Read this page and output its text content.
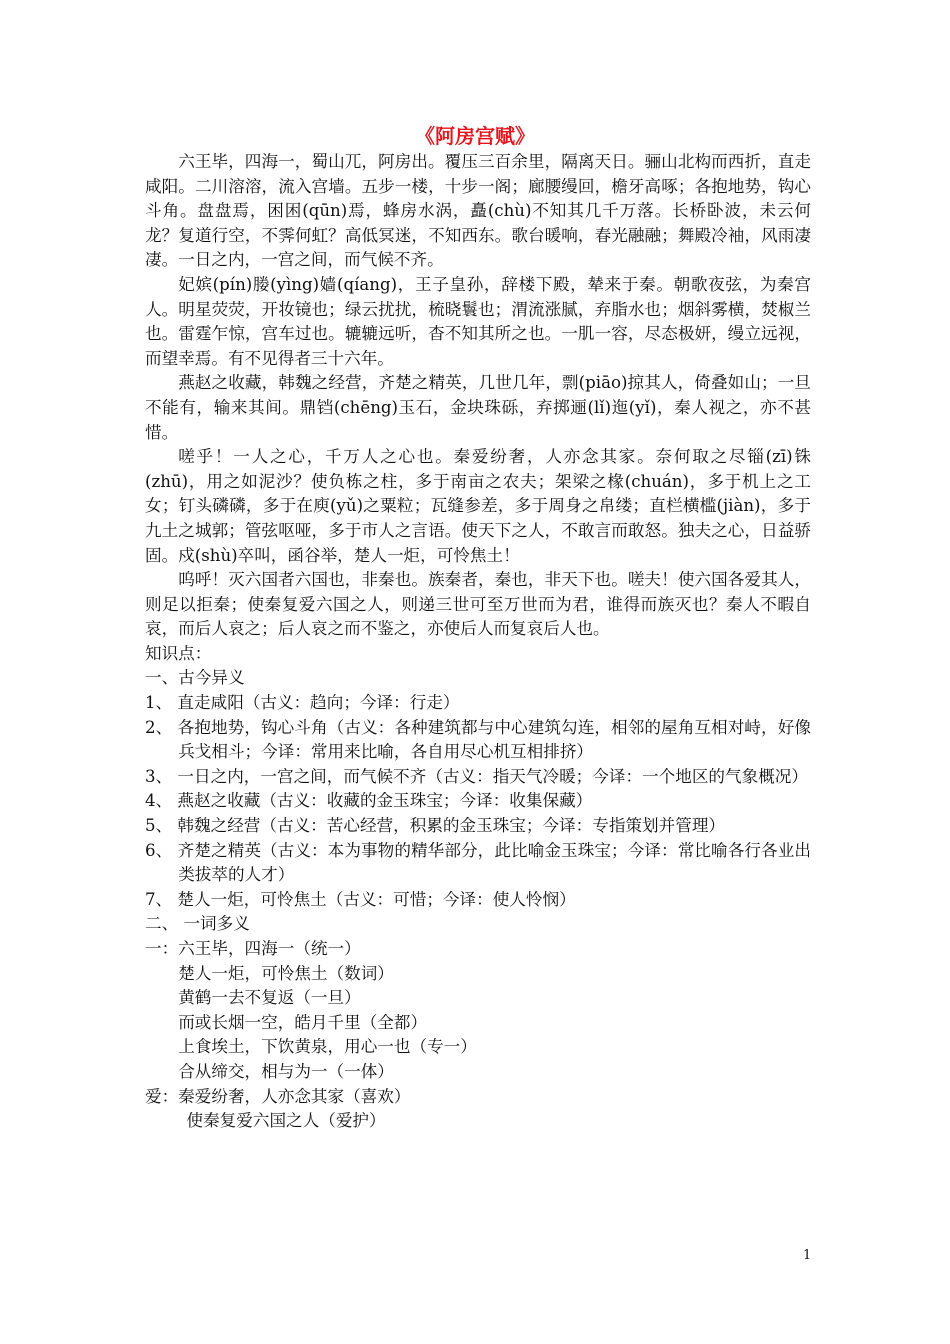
《阿房宫赋》

六王毕，四海一，蜀山兀，阿房出。覆压三百余里，隔离天日。骊山北构而西折，直走咸阳。二川溶溶，流入宫墙。五步一楼，十步一阁；廊腰缦回，檐牙高啄；各抱地势，钩心斗角。盘盘焉，困困(qūn)焉，蜂房水涡，矗(chù)不知其几千万落。长桥卧波，未云何龙？复道行空，不霁何虹？高低冥迷，不知西东。歌台暖响，春光融融；舞殿冷袖，风雨凄凄。一日之内，一宫之间，而气候不齐。

妃嫔(pín)媵(yìng)嫱(qíang)，王子皇孙，辞楼下殿，辇来于秦。朝歌夜弦，为秦宫人。明星荧荧，开妆镜也；绿云扰扰，梳晓鬟也；渭流涨腻，弃脂水也；烟斜雾横，焚椒兰也。雷霆乍惊，宫车过也。辘辘远听，杳不知其所之也。一肌一容，尽态极妍，缦立远视，而望幸焉。有不见得者三十六年。

燕赵之收藏，韩魏之经营，齐楚之精英，几世几年，剽(piāo)掠其人，倚叠如山；一旦不能有，输来其间。鼎铛(chēng)玉石，金块珠砾，弃掷逦(lǐ)迤(yǐ)，秦人视之，亦不甚惜。

嗟乎！一人之心，千万人之心也。秦爱纷奢，人亦念其家。奈何取之尽锱(zī)铢(zhū)，用之如泥沙？使负栋之柱，多于南亩之农夫；架梁之椽(chuán)，多于机上之工女；钉头磷磷，多于在庾(yǔ)之粟粒；瓦缝参差，多于周身之帛缕；直栏横槛(jiàn)，多于九土之城郭；管弦呕哑，多于市人之言语。使天下之人，不敢言而敢怒。独夫之心，日益骄固。戍(shù)卒叫，函谷举，楚人一炬，可怜焦土！

呜呼！灭六国者六国也，非秦也。族秦者，秦也，非天下也。嗟夫！使六国各爱其人，则足以拒秦；使秦复爱六国之人，则递三世可至万世而为君，谁得而族灭也？秦人不暇自哀，而后人哀之；后人哀之而不鉴之，亦使后人而复哀后人也。

知识点：

一、古今异义

1、 直走咸阳（古义：趋向；今译：行走）

2、 各抱地势，钩心斗角（古义：各种建筑都与中心建筑勾连，相邻的屋角互相对峙，好像兵戈相斗；今译：常用来比喻，各自用尽心机互相排挤）

3、 一日之内，一宫之间，而气候不齐（古义：指天气冷暖；今译：一个地区的气象概况）

4、 燕赵之收藏（古义：收藏的金玉珠宝；今译：收集保藏）

5、 韩魏之经营（古义：苦心经营，积累的金玉珠宝；今译：专指策划并管理）

6、 齐楚之精英（古义：本为事物的精华部分，此比喻金玉珠宝；今译：常比喻各行各业出类拔萃的人才）

7、 楚人一炬，可怜焦土（古义：可惜；今译：使人怜悯）

二、 一词多义

一：六王毕，四海一（统一）

楚人一炬，可怜焦土（数词）

黄鹤一去不复返（一旦）

而或长烟一空，皓月千里（全都）

上食埃土，下饮黄泉，用心一也（专一）

合从缔交，相与为一（一体）

爱：秦爱纷奢，人亦念其家（喜欢）

使秦复爱六国之人（爱护）

1
